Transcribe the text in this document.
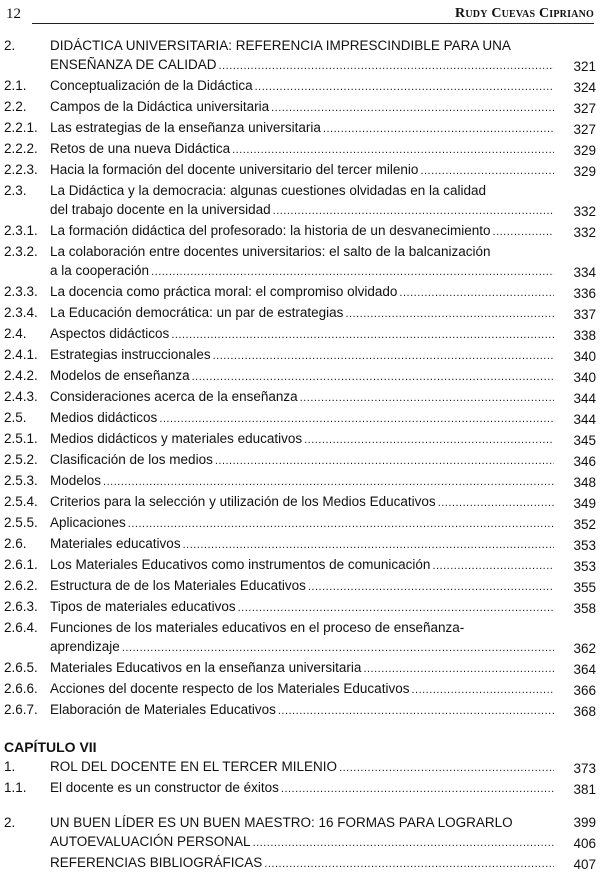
12	Rudy Cuevas Cipriano
2.	DIDÁCTICA UNIVERSITARIA: REFERENCIA IMPRESCINDIBLE PARA UNA
ENSEÑANZA DE CALIDAD .....	321
2.1. Conceptualización de la Didáctica .....	324
2.2. Campos de la Didáctica universitaria .....	327
2.2.1. Las estrategias de la enseñanza universitaria .....	327
2.2.2. Retos de una nueva Didáctica .....	329
2.2.3. Hacia la formación del docente universitario del tercer milenio .....	329
2.3. La Didáctica y la democracia: algunas cuestiones olvidadas en la calidad
del trabajo docente en la universidad .....	332
2.3.1. La formación didáctica del profesorado: la historia de un desvanecimiento .....	332
2.3.2. La colaboración entre docentes universitarios: el salto de la balcanización
a la cooperación .....	334
2.3.3. La docencia como práctica moral: el compromiso olvidado .....	336
2.3.4. La Educación democrática: un par de estrategias .....	337
2.4. Aspectos didácticos .....	338
2.4.1. Estrategias instruccionales .....	340
2.4.2. Modelos de enseñanza .....	340
2.4.3. Consideraciones acerca de la enseñanza .....	344
2.5. Medios didácticos .....	344
2.5.1. Medios didácticos y materiales educativos .....	345
2.5.2. Clasificación de los medios .....	346
2.5.3. Modelos .....	348
2.5.4. Criterios para la selección y utilización de los Medios Educativos .....	349
2.5.5. Aplicaciones .....	352
2.6. Materiales educativos .....	353
2.6.1. Los Materiales Educativos como instrumentos de comunicación .....	353
2.6.2. Estructura de de los Materiales Educativos .....	355
2.6.3. Tipos de materiales educativos .....	358
2.6.4. Funciones de los materiales educativos en el proceso de enseñanza-
aprendizaje .....	362
2.6.5. Materiales Educativos en la enseñanza universitaria .....	364
2.6.6. Acciones del docente respecto de los Materiales Educativos .....	366
2.6.7. Elaboración de Materiales Educativos .....	368
CAPÍTULO VII
1.	ROL DEL DOCENTE EN EL TERCER MILENIO .....	373
1.1. El docente es un constructor de éxitos .....	381
2.	UN BUEN LÍDER ES UN BUEN MAESTRO: 16 FORMAS PARA LOGRARLO	399
AUTOEVALUACIÓN PERSONAL .....	406
REFERENCIAS BIBLIOGRÁFICAS .....	407
